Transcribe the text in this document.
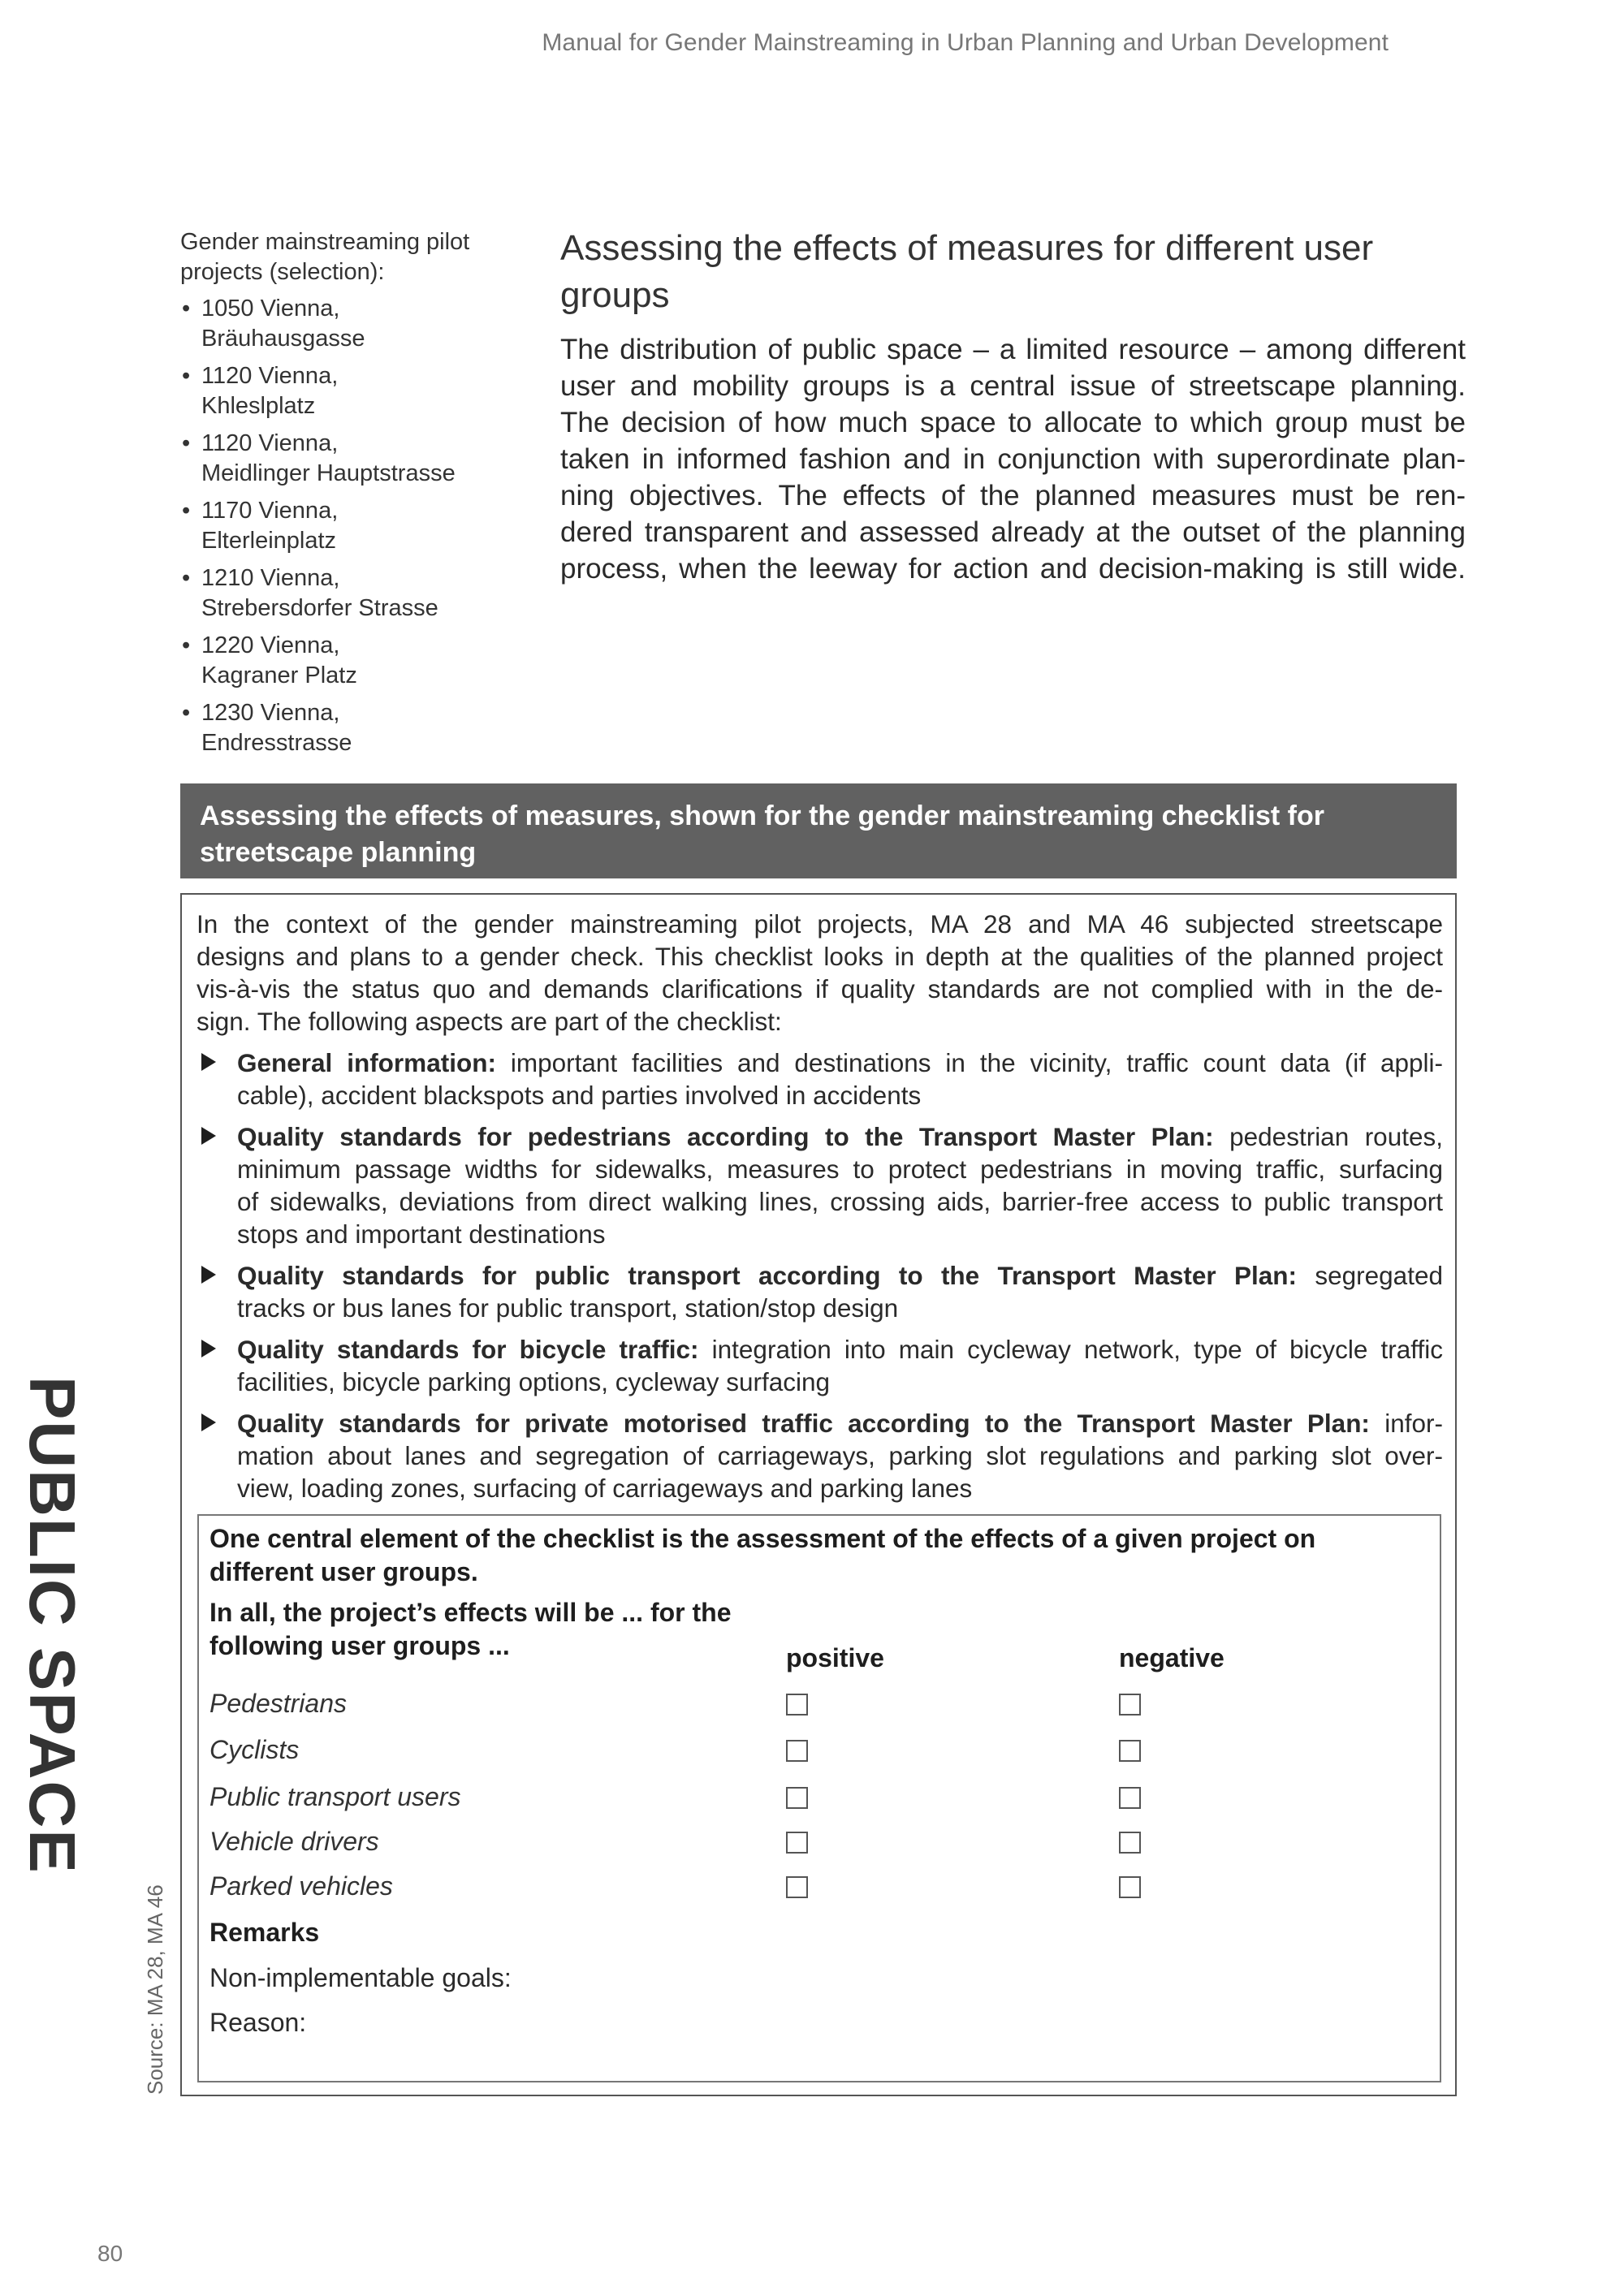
Manual for Gender Mainstreaming in Urban Planning and Urban Development
PUBLIC SPACE
Gender mainstreaming pilot
projects (selection):
• 1050 Vienna,
Bräuhausgasse
• 1120 Vienna,
Khleslplatz
• 1120 Vienna,
Meidlinger Hauptstrasse
• 1170 Vienna,
Elterleinplatz
• 1210 Vienna,
Strebersdorfer Strasse
• 1220 Vienna,
Kagraner Platz
• 1230 Vienna,
Endresstrasse
Assessing the effects of measures for different user
groups
The distribution of public space – a limited resource – among different
user and mobility groups is a central issue of streetscape planning.
The decision of how much space to allocate to which group must be
taken in informed fashion and in conjunction with superordinate plan-
ning objectives. The effects of the planned measures must be ren-
dered transparent and assessed already at the outset of the planning
process, when the leeway for action and decision-making is still wide.
Assessing the effects of measures, shown for the gender mainstreaming checklist for
streetscape planning
In the context of the gender mainstreaming pilot projects, MA 28 and MA 46 subjected streetscape
designs and plans to a gender check. This checklist looks in depth at the qualities of the planned project
vis-à-vis the status quo and demands clarifications if quality standards are not complied with in the de-
sign. The following aspects are part of the checklist:
General information: important facilities and destinations in the vicinity, traffic count data (if appli-
cable), accident blackspots and parties involved in accidents
Quality standards for pedestrians according to the Transport Master Plan: pedestrian routes,
minimum passage widths for sidewalks, measures to protect pedestrians in moving traffic, surfacing
of sidewalks, deviations from direct walking lines, crossing aids, barrier-free access to public transport
stops and important destinations
Quality standards for public transport according to the Transport Master Plan: segregated
tracks or bus lanes for public transport, station/stop design
Quality standards for bicycle traffic: integration into main cycleway network, type of bicycle traffic
facilities, bicycle parking options, cycleway surfacing
Quality standards for private motorised traffic according to the Transport Master Plan: infor-
mation about lanes and segregation of carriageways, parking slot regulations and parking slot over-
view, loading zones, surfacing of carriageways and parking lanes
One central element of the checklist is the assessment of the effects of a given project on
different user groups.
In all, the project’s effects will be ... for the
following user groups ...	positive	negative
Pedestrians
Cyclists
Public transport users
Vehicle drivers
Parked vehicles
Remarks
Non-implementable goals:
Reason:
Source: MA 28, MA 46
80
